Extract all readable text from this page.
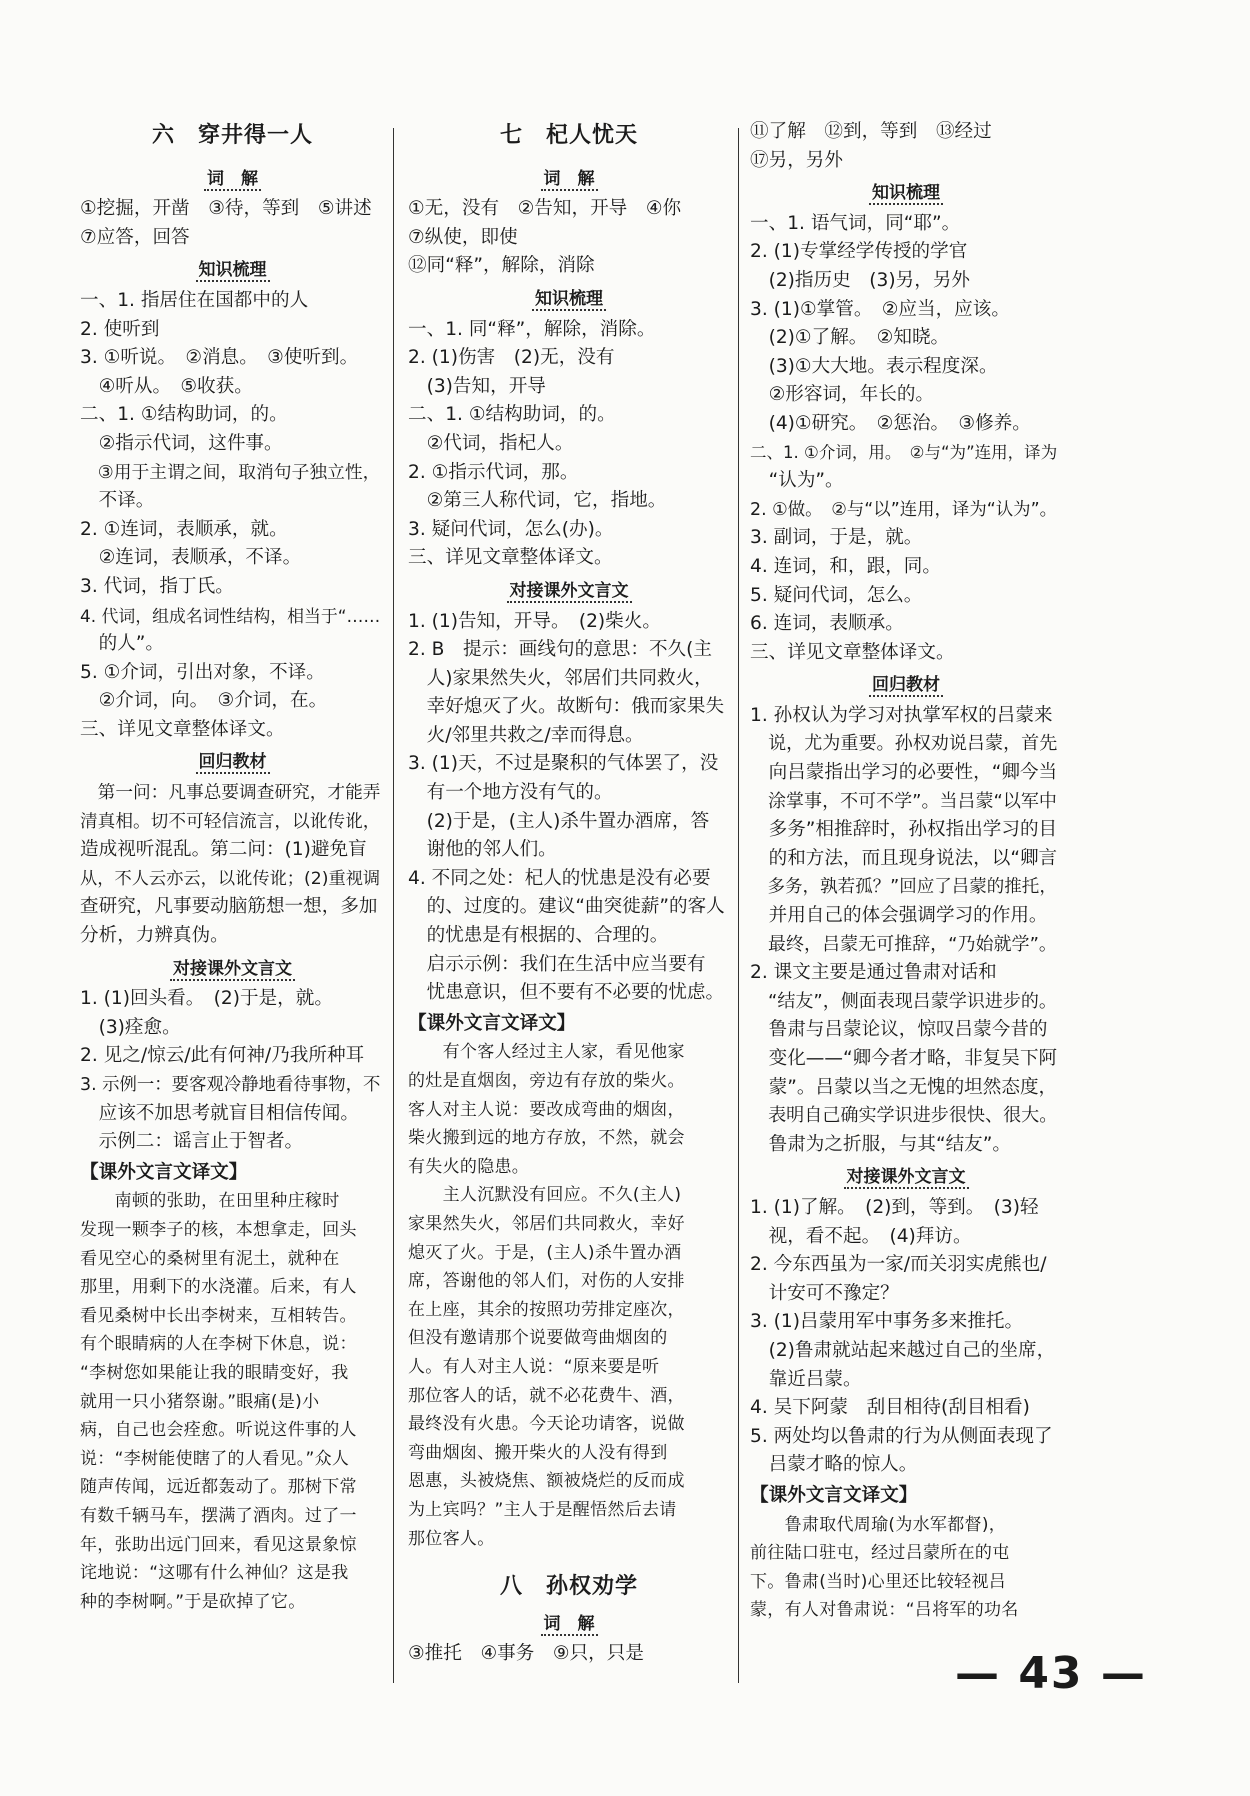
六　穿井得一人
词　解
①挖掘，开凿　③待，等到　⑤讲述
⑦应答，回答
知识梳理
一、1. 指居住在国都中的人
2. 使听到
3. ①听说。　②消息。　③使听到。
　④听从。　⑤收获。
二、1. ①结构助词，的。
　②指示代词，这件事。
　③用于主谓之间，取消句子独立性，
　不译。
2. ①连词，表顺承，就。
　②连词，表顺承，不译。
3. 代词，指丁氏。
4. 代词，组成名词性结构，相当于“……
　的人”。
5. ①介词，引出对象，不译。
　②介词，向。　③介词，在。
三、详见文章整体译文。
回归教材
　第一问：凡事总要调查研究，才能弄
清真相。切不可轻信流言，以讹传讹，
造成视听混乱。第二问：(1)避免盲
从，不人云亦云，以讹传讹；(2)重视调
查研究，凡事要动脑筋想一想，多加
分析，力辨真伪。
对接课外文言文
1. (1)回头看。　(2)于是，就。
　(3)痊愈。
2. 见之/惊云/此有何神/乃我所种耳
3. 示例一：要客观冷静地看待事物，不
　应该不加思考就盲目相信传闻。
　示例二：谣言止于智者。
【课外文言文译文】
　　南顿的张助，在田里种庄稼时
发现一颗李子的核，本想拿走，回头
看见空心的桑树里有泥土，就种在
那里，用剩下的水浇灌。后来，有人
看见桑树中长出李树来，互相转告。
有个眼睛病的人在李树下休息，说：
“李树您如果能让我的眼睛变好，我
就用一只小猪祭谢。”眼痛(是)小
病，自己也会痊愈。听说这件事的人
说：“李树能使瞎了的人看见。”众人
随声传闻，远近都轰动了。那树下常
有数千辆马车，摆满了酒肉。过了一
年，张助出远门回来，看见这景象惊
诧地说：“这哪有什么神仙？这是我
种的李树啊。”于是砍掉了它。
七　杞人忧天
词　解
①无，没有　②告知，开导　④你
⑦纵使，即使
⑫同“释”，解除，消除
知识梳理
一、1. 同“释”，解除，消除。
2. (1)伤害　(2)无，没有
　(3)告知，开导
二、1. ①结构助词，的。
　②代词，指杞人。
2. ①指示代词，那。
　②第三人称代词，它，指地。
3. 疑问代词，怎么(办)。
三、详见文章整体译文。
对接课外文言文
1. (1)告知，开导。　(2)柴火。
2. B　提示：画线句的意思：不久(主
　人)家果然失火，邻居们共同救火，
　幸好熄灭了火。故断句：俄而家果失
　火/邻里共救之/幸而得息。
3. (1)天，不过是聚积的气体罢了，没
　有一个地方没有气的。
　(2)于是，(主人)杀牛置办酒席，答
　谢他的邻人们。
4. 不同之处：杞人的忧患是没有必要
　的、过度的。建议“曲突徙薪”的客人
　的忧患是有根据的、合理的。
　启示示例：我们在生活中应当要有
　忧患意识，但不要有不必要的忧虑。
【课外文言文译文】
　　有个客人经过主人家，看见他家
的灶是直烟囱，旁边有存放的柴火。
客人对主人说：要改成弯曲的烟囱，
柴火搬到远的地方存放，不然，就会
有失火的隐患。
　　主人沉默没有回应。不久(主人)
家果然失火，邻居们共同救火，幸好
熄灭了火。于是，(主人)杀牛置办酒
席，答谢他的邻人们，对伤的人安排
在上座，其余的按照功劳排定座次，
但没有邀请那个说要做弯曲烟囱的
人。有人对主人说：“原来要是听
那位客人的话，就不必花费牛、酒，
最终没有火患。今天论功请客，说做
弯曲烟囱、搬开柴火的人没有得到
恩惠，头被烧焦、额被烧烂的反而成
为上宾吗？”主人于是醒悟然后去请
那位客人。
八　孙权劝学
词　解
③推托　④事务　⑨只，只是
⑪了解　⑫到，等到　⑬经过
⑰另，另外
知识梳理
一、1. 语气词，同“耶”。
2. (1)专掌经学传授的学官
　(2)指历史　(3)另，另外
3. (1)①掌管。　②应当，应该。
　(2)①了解。　②知晓。
　(3)①大大地。表示程度深。
　②形容词，年长的。
　(4)①研究。　②惩治。　③修养。
二、1. ①介词，用。　②与“为”连用，译为
　“认为”。
2. ①做。　②与“以”连用，译为“认为”。
3. 副词，于是，就。
4. 连词，和，跟，同。
5. 疑问代词，怎么。
6. 连词，表顺承。
三、详见文章整体译文。
回归教材
1. 孙权认为学习对执掌军权的吕蒙来
　说，尤为重要。孙权劝说吕蒙，首先
　向吕蒙指出学习的必要性，“卿今当
　涂掌事，不可不学”。当吕蒙“以军中
　多务”相推辞时，孙权指出学习的目
　的和方法，而且现身说法，以“卿言
　多务，孰若孤？”回应了吕蒙的推托，
　并用自己的体会强调学习的作用。
　最终，吕蒙无可推辞，“乃始就学”。
2. 课文主要是通过鲁肃对话和
　“结友”，侧面表现吕蒙学识进步的。
　鲁肃与吕蒙论议，惊叹吕蒙今昔的
　变化——“卿今者才略，非复吴下阿
　蒙”。吕蒙以当之无愧的坦然态度，
　表明自己确实学识进步很快、很大。
　鲁肃为之折服，与其“结友”。
对接课外文言文
1. (1)了解。　(2)到，等到。　(3)轻
　视，看不起。　(4)拜访。
2. 今东西虽为一家/而关羽实虎熊也/
　计安可不豫定？
3. (1)吕蒙用军中事务多来推托。
　(2)鲁肃就站起来越过自己的坐席，
　靠近吕蒙。
4. 吴下阿蒙　刮目相待(刮目相看)
5. 两处均以鲁肃的行为从侧面表现了
　吕蒙才略的惊人。
【课外文言文译文】
　　鲁肃取代周瑜(为水军都督)，
前往陆口驻屯，经过吕蒙所在的屯
下。鲁肃(当时)心里还比较轻视吕
蒙，有人对鲁肃说：“吕将军的功名
— 43 —
